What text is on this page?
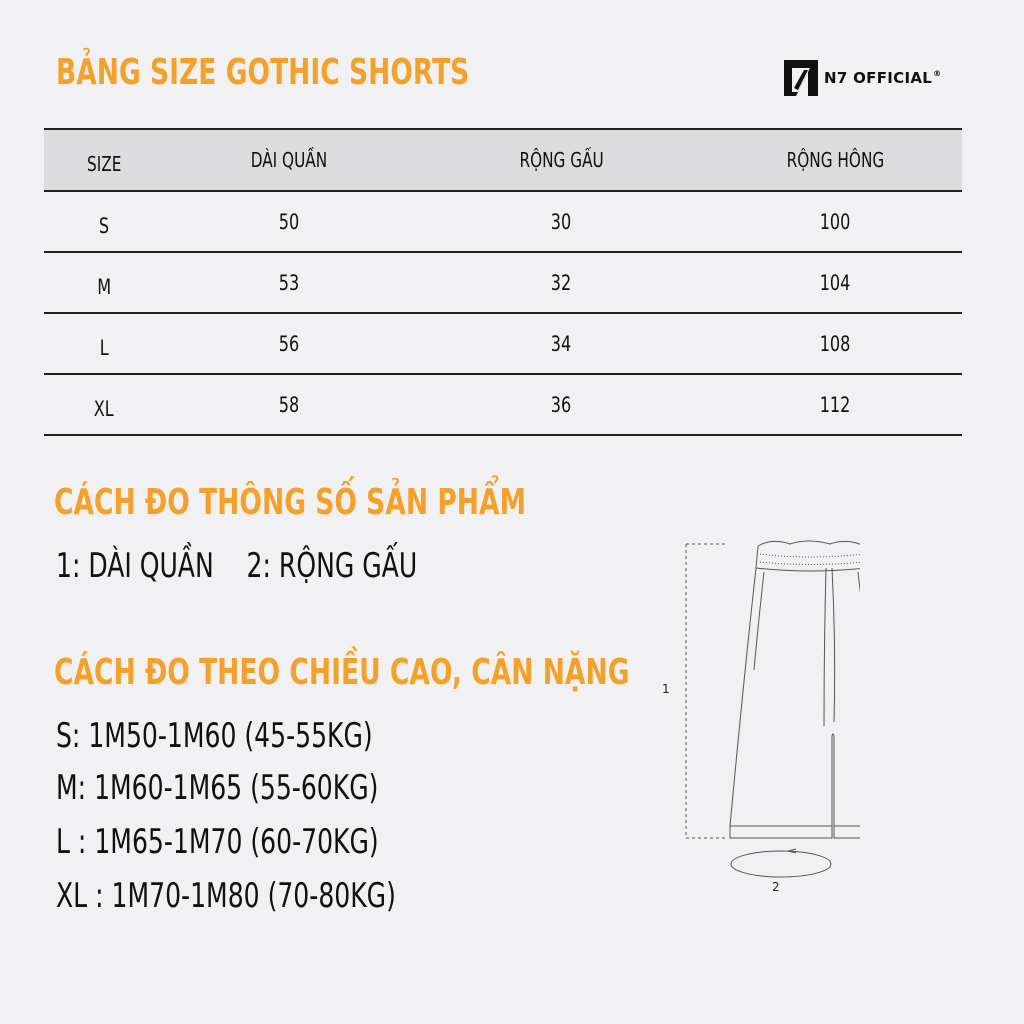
BẢNG SIZE GOTHIC SHORTS	N7 OFFICIAL®
SIZE	DÀI QUẦN	RỘNG GẤU	RỘNG HÔNG
S	50	30	100
M	53	32	104
L	56	34	108
XL	58	36	112
CÁCH ĐO THÔNG SỐ SẢN PHẨM
1: DÀI QUẦN 2: RỘNG GẤU
CÁCH ĐO THEO CHIỀU CAO, CÂN NẶNG
S: 1M50-1M60 (45-55KG)
M: 1M60-1M65 (55-60KG)
L : 1M65-1M70 (60-70KG)
XL : 1M70-1M80 (70-80KG)
1
2
